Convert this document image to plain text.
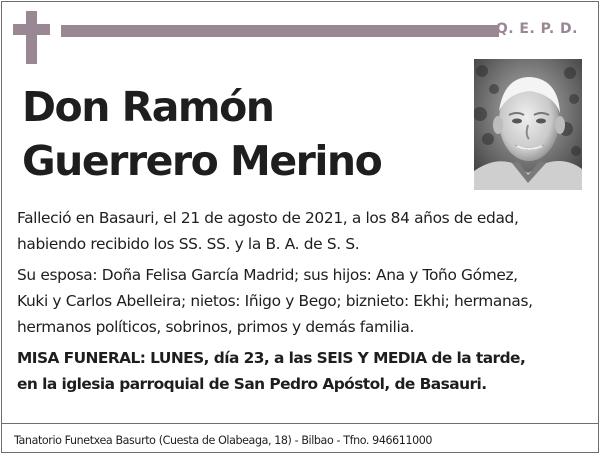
Q. E. P. D.
Don Ramón
Guerrero Merino
Falleció en Basauri, el 21 de agosto de 2021, a los 84 años de edad,
habiendo recibido los SS. SS. y la B. A. de S. S.
Su esposa: Doña Felisa García Madrid; sus hijos: Ana y Toño Gómez,
Kuki y Carlos Abelleira; nietos: Iñigo y Bego; biznieto: Ekhi; hermanas,
hermanos políticos, sobrinos, primos y demás familia.
MISA FUNERAL: LUNES, día 23, a las SEIS Y MEDIA de la tarde,
en la iglesia parroquial de San Pedro Apóstol, de Basauri.
Tanatorio Funetxea Basurto (Cuesta de Olabeaga, 18) - Bilbao - Tfno. 946611000
